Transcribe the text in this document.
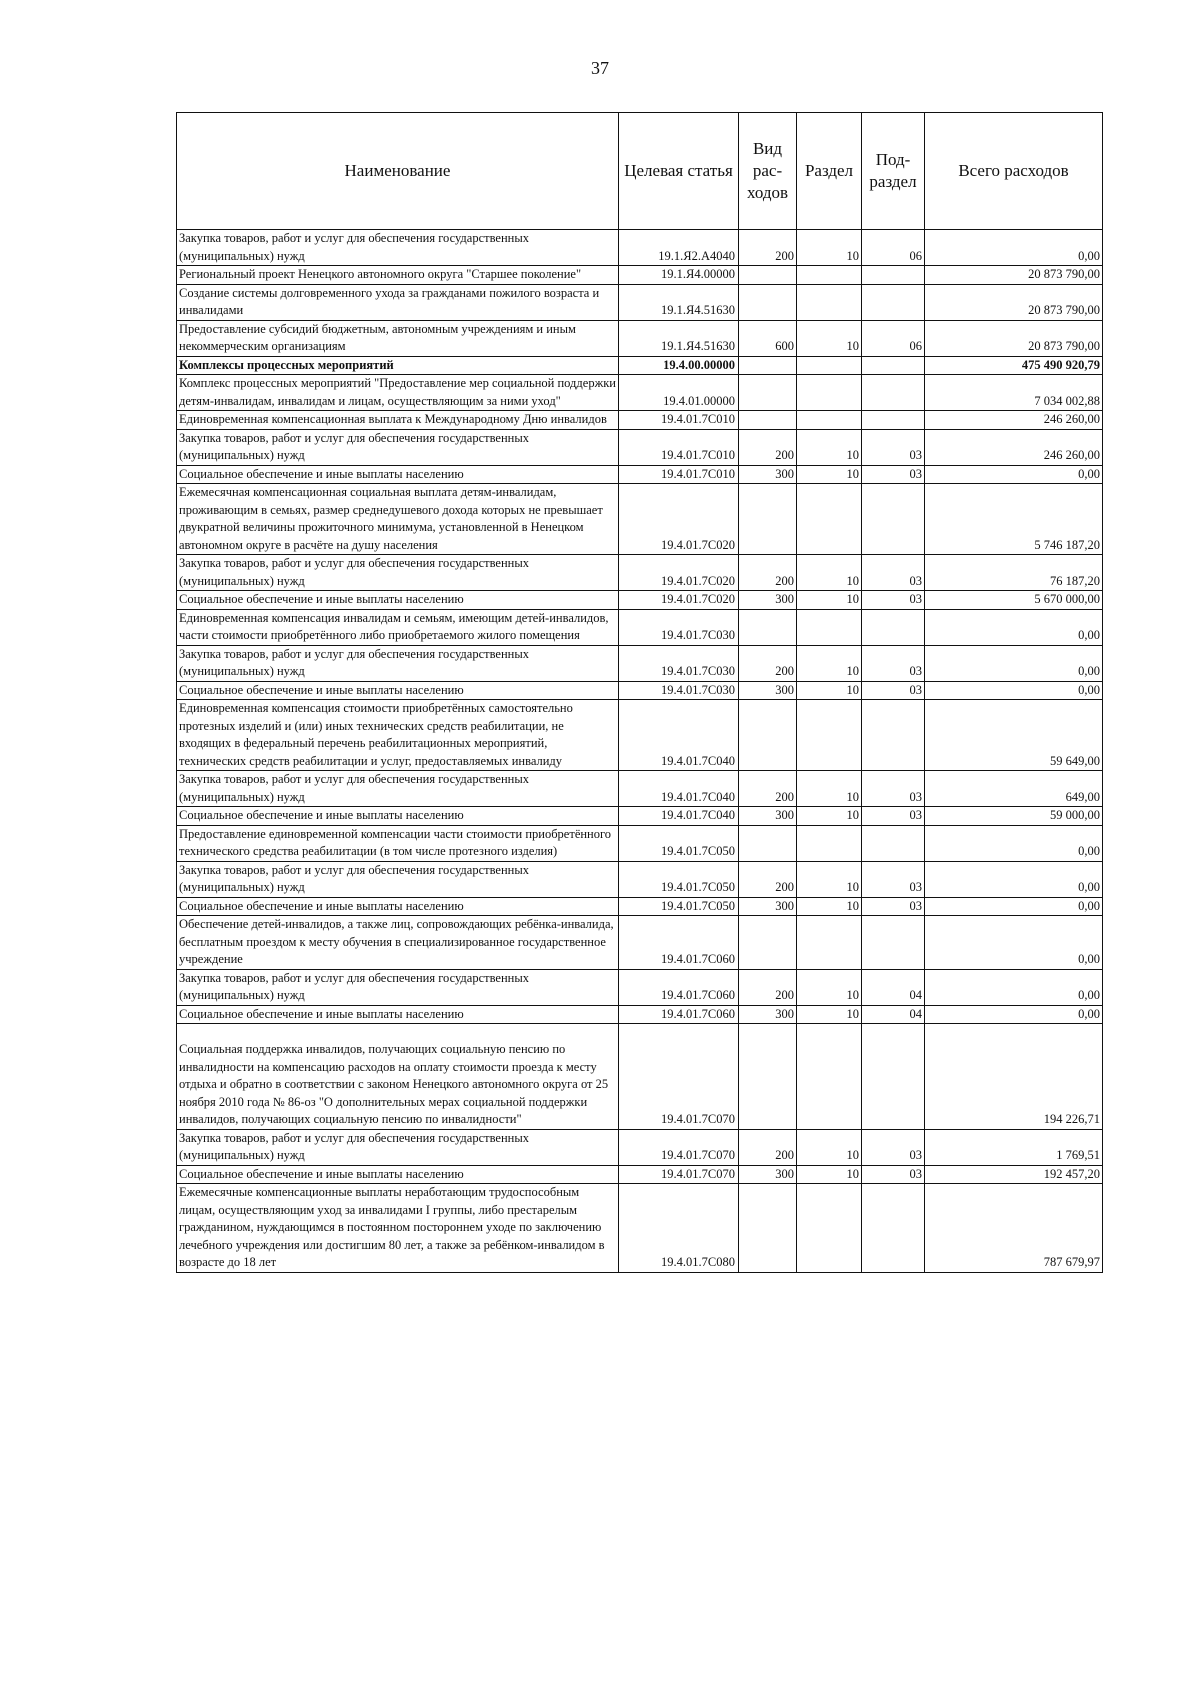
37
Наименование	Целевая статья	Вид рас- ходов	Раздел	Под- раздел	Всего расходов
Закупка товаров, работ и услуг для обеспечения государственных (муниципальных) нужд	19.1.Я2.А4040	200	10	06	0,00
Региональный проект Ненецкого автономного округа "Старшее поколение"	19.1.Я4.00000				20 873 790,00
Создание системы долговременного ухода за гражданами пожилого возраста и инвалидами	19.1.Я4.51630				20 873 790,00
Предоставление субсидий бюджетным, автономным учреждениям и иным некоммерческим организациям	19.1.Я4.51630	600	10	06	20 873 790,00
Комплексы процессных мероприятий	19.4.00.00000				475 490 920,79
Комплекс процессных мероприятий "Предоставление мер социальной поддержки детям-инвалидам, инвалидам и лицам, осуществляющим за ними уход"	19.4.01.00000				7 034 002,88
Единовременная компенсационная выплата к Международному Дню инвалидов	19.4.01.7С010				246 260,00
Закупка товаров, работ и услуг для обеспечения государственных (муниципальных) нужд	19.4.01.7С010	200	10	03	246 260,00
Социальное обеспечение и иные выплаты населению	19.4.01.7С010	300	10	03	0,00
Ежемесячная компенсационная социальная выплата детям-инвалидам, проживающим в семьях, размер среднедушевого дохода которых не превышает двукратной величины прожиточного минимума, установленной в Ненецком автономном округе в расчёте на душу населения	19.4.01.7С020				5 746 187,20
Закупка товаров, работ и услуг для обеспечения государственных (муниципальных) нужд	19.4.01.7С020	200	10	03	76 187,20
Социальное обеспечение и иные выплаты населению	19.4.01.7С020	300	10	03	5 670 000,00
Единовременная компенсация инвалидам и семьям, имеющим детей-инвалидов, части стоимости приобретённого либо приобретаемого жилого помещения	19.4.01.7С030				0,00
Закупка товаров, работ и услуг для обеспечения государственных (муниципальных) нужд	19.4.01.7С030	200	10	03	0,00
Социальное обеспечение и иные выплаты населению	19.4.01.7С030	300	10	03	0,00
Единовременная компенсация стоимости приобретённых самостоятельно протезных изделий и (или) иных технических средств реабилитации, не входящих в федеральный перечень реабилитационных мероприятий, технических средств реабилитации и услуг, предоставляемых инвалиду	19.4.01.7С040				59 649,00
Закупка товаров, работ и услуг для обеспечения государственных (муниципальных) нужд	19.4.01.7С040	200	10	03	649,00
Социальное обеспечение и иные выплаты населению	19.4.01.7С040	300	10	03	59 000,00
Предоставление единовременной компенсации части стоимости приобретённого технического средства реабилитации (в том числе протезного изделия)	19.4.01.7С050				0,00
Закупка товаров, работ и услуг для обеспечения государственных (муниципальных) нужд	19.4.01.7С050	200	10	03	0,00
Социальное обеспечение и иные выплаты населению	19.4.01.7С050	300	10	03	0,00
Обеспечение детей-инвалидов, а также лиц, сопровождающих ребёнка-инвалида, бесплатным проездом к месту обучения в специализированное государственное учреждение	19.4.01.7С060				0,00
Закупка товаров, работ и услуг для обеспечения государственных (муниципальных) нужд	19.4.01.7С060	200	10	04	0,00
Социальное обеспечение и иные выплаты населению	19.4.01.7С060	300	10	04	0,00
Социальная поддержка инвалидов, получающих социальную пенсию по инвалидности на компенсацию расходов на оплату стоимости проезда к месту отдыха и обратно в соответствии с законом Ненецкого автономного округа от 25 ноября 2010 года № 86-оз "О дополнительных мерах социальной поддержки инвалидов, получающих социальную пенсию по инвалидности"	19.4.01.7С070				194 226,71
Закупка товаров, работ и услуг для обеспечения государственных (муниципальных) нужд	19.4.01.7С070	200	10	03	1 769,51
Социальное обеспечение и иные выплаты населению	19.4.01.7С070	300	10	03	192 457,20
Ежемесячные компенсационные выплаты неработающим трудоспособным лицам, осуществляющим уход за инвалидами I группы, либо престарелым гражданином, нуждающимся в постоянном постороннем уходе по заключению лечебного учреждения или достигшим 80 лет, а также за ребёнком-инвалидом в возрасте до 18 лет	19.4.01.7С080				787 679,97
